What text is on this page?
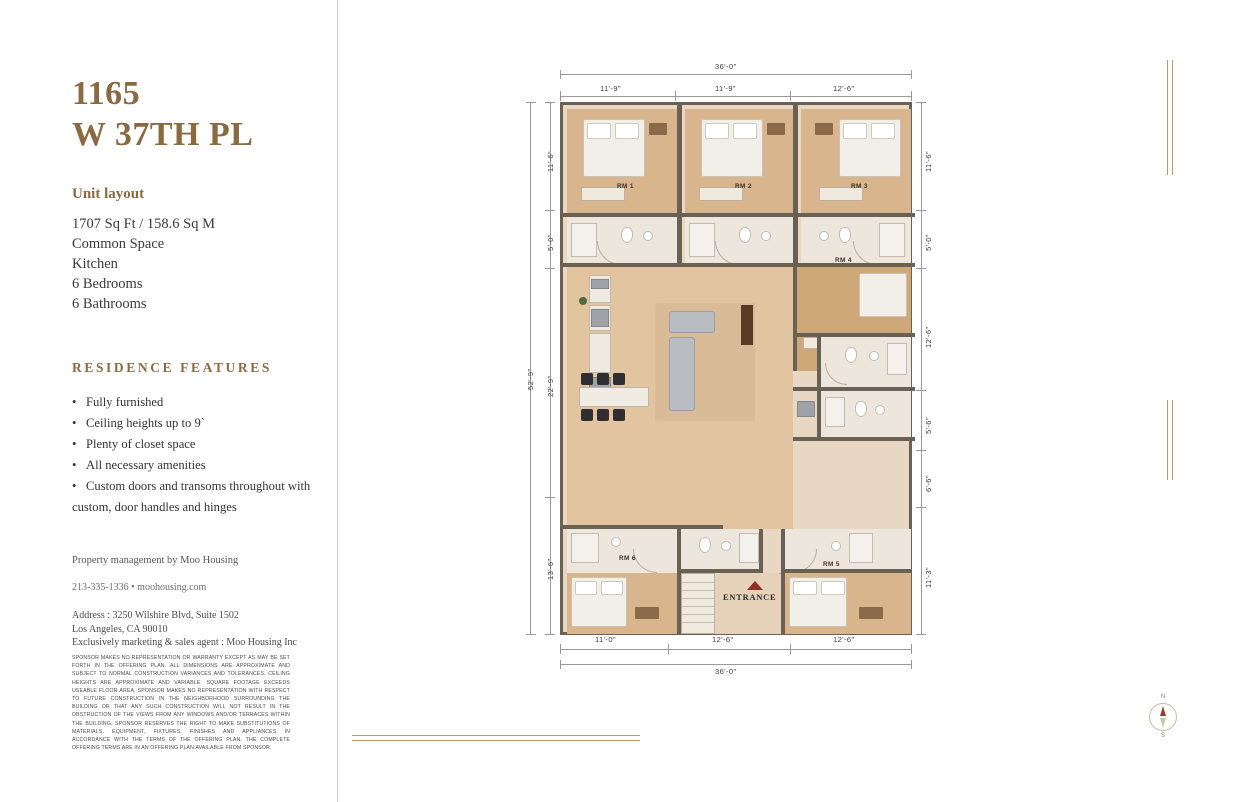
1165
W 37TH PL
Unit layout
1707 Sq Ft / 158.6 Sq M
Common Space
Kitchen
6 Bedrooms
6 Bathrooms
RESIDENCE FEATURES
• Fully furnished
• Ceiling heights up to 9`
• Plenty of closet space
• All necessary amenities
• Custom doors and transoms throughout with
custom, door handles and hinges
Property management by Moo Housing
213-335-1336 • moohousing.com
Address : 3250 Wilshire Blvd, Suite 1502
Los Angeles, CA 90010
Exclusively marketing & sales agent : Moo Housing Inc
SPONSOR MAKES NO REPRESENTATION OR WARRANTY EXCEPT AS MAY BE SET FORTH IN THE OFFERING PLAN. ALL DIMENSIONS ARE APPROXIMATE AND SUBJECT TO NORMAL CONSTRUCTION VARIANCES AND TOLERANCES. CEILING HEIGHTS ARE APPROXIMATE AND VARIABLE. SQUARE FOOTAGE EXCEEDS USEABLE FLOOR AREA. SPONSOR MAKES NO REPRESENTATION WITH RESPECT TO FUTURE CONSTRUCTION IN THE NEIGHBORHOOD SURROUNDING THE BUILDING OR THAT ANY SUCH CONSTRUCTION WILL NOT RESULT IN THE OBSTRUCTION OF THE VIEWS FROM ANY WINDOWS AND/OR TERRACES WITHIN THE BUILDING. SPONSOR RESERVES THE RIGHT TO MAKE SUBSTITUTIONS OF MATERIALS, EQUIPMENT, FIXTURES, FINISHES AND APPLIANCES IN ACCORDANCE WITH THE TERMS OF THE OFFERING PLAN. THE COMPLETE OFFERING TERMS ARE IN AN OFFERING PLAN AVAILABLE FROM SPONSOR.
N
S
36'-0"
11'-9"	11'-9"	12'-6"
52'-9"
11'-6"
5'-0"
22'-9"
13'-6"
11'-6"
5'-0"
12'-6"
5'-6"
6'-6"
11'-3"
11'-0"	12'-6"	12'-6"
36'-0"
RM 1	RM 2	RM 3
RM 4
RM 6
ENTRANCE
RM 5
